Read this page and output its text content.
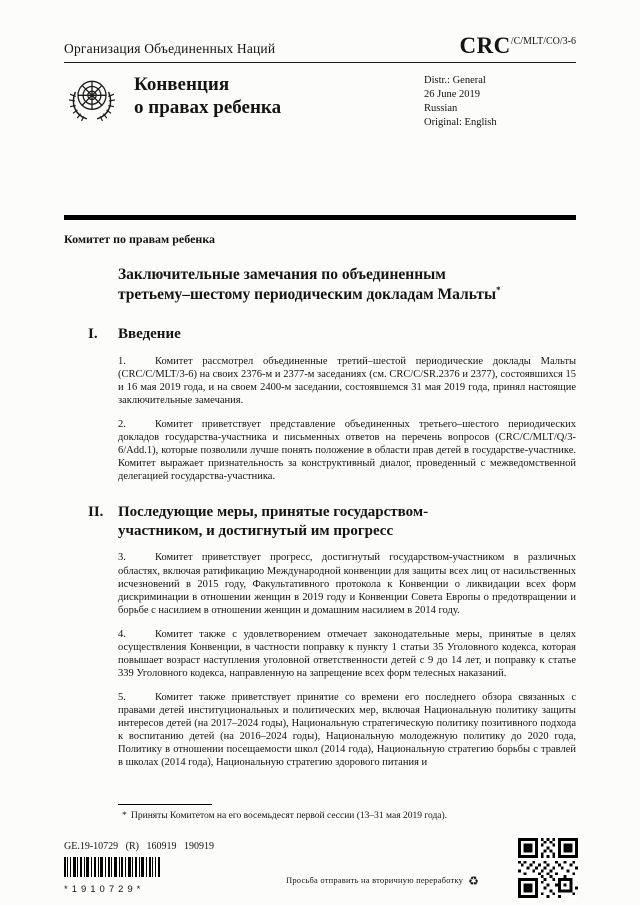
Организация Объединенных Наций	$CRC^{/C/MLT/CO/3-6}$
Конвенция
о правах ребенка
Distr.: General
26 June 2019
Russian
Original: English
Комитет по правам ребенка
Заключительные замечания по объединенным третьему–шестому периодическим докладам Мальты*
I.	Введение

1.	Комитет рассмотрел объединенные третий–шестой периодические доклады Мальты (CRC/C/MLT/3-6) на своих 2376-м и 2377-м заседаниях (см. CRC/C/SR.2376 и 2377), состоявшихся 15 и 16 мая 2019 года, и на своем 2400-м заседании, состоявшемся 31 мая 2019 года, принял настоящие заключительные замечания.

2.	Комитет приветствует представление объединенных третьего–шестого периодических докладов государства-участника и письменных ответов на перечень вопросов (CRC/C/MLT/Q/3-6/Add.1), которые позволили лучше понять положение в области прав детей в государстве-участнике. Комитет выражает признательность за конструктивный диалог, проведенный с межведомственной делегацией государства-участника.

II. Последующие меры, принятые государством-участником, и достигнутый им прогресс

3.	Комитет приветствует прогресс, достигнутый государством-участником в различных областях, включая ратификацию Международной конвенции для защиты всех лиц от насильственных исчезновений в 2015 году, Факультативного протокола к Конвенции о ликвидации всех форм дискриминации в отношении женщин в 2019 году и Конвенции Совета Европы о предотвращении и борьбе с насилием в отношении женщин и домашним насилием в 2014 году.

4.	Комитет также с удовлетворением отмечает законодательные меры, принятые в целях осуществления Конвенции, в частности поправку к пункту 1 статьи 35 Уголовного кодекса, которая повышает возраст наступления уголовной ответственности детей с 9 до 14 лет, и поправку к статье 339 Уголовного кодекса, направленную на запрещение всех форм телесных наказаний.

5.	Комитет также приветствует принятие со времени его последнего обзора связанных с правами детей институциональных и политических мер, включая Национальную политику защиты интересов детей (на 2017–2024 годы), Национальную стратегическую политику позитивного подхода к воспитанию детей (на 2016–2024 годы), Национальную молодежную политику до 2020 года, Политику в отношении посещаемости школ (2014 года), Национальную стратегию борьбы с травлей в школах (2014 года), Национальную стратегию здорового питания и

* Приняты Комитетом на его восемьдесят первой сессии (13–31 мая 2019 года).
GE.19-10729 (R) 160919 190919
*1910729*
Просьба отправить на вторичную переработку ♻
